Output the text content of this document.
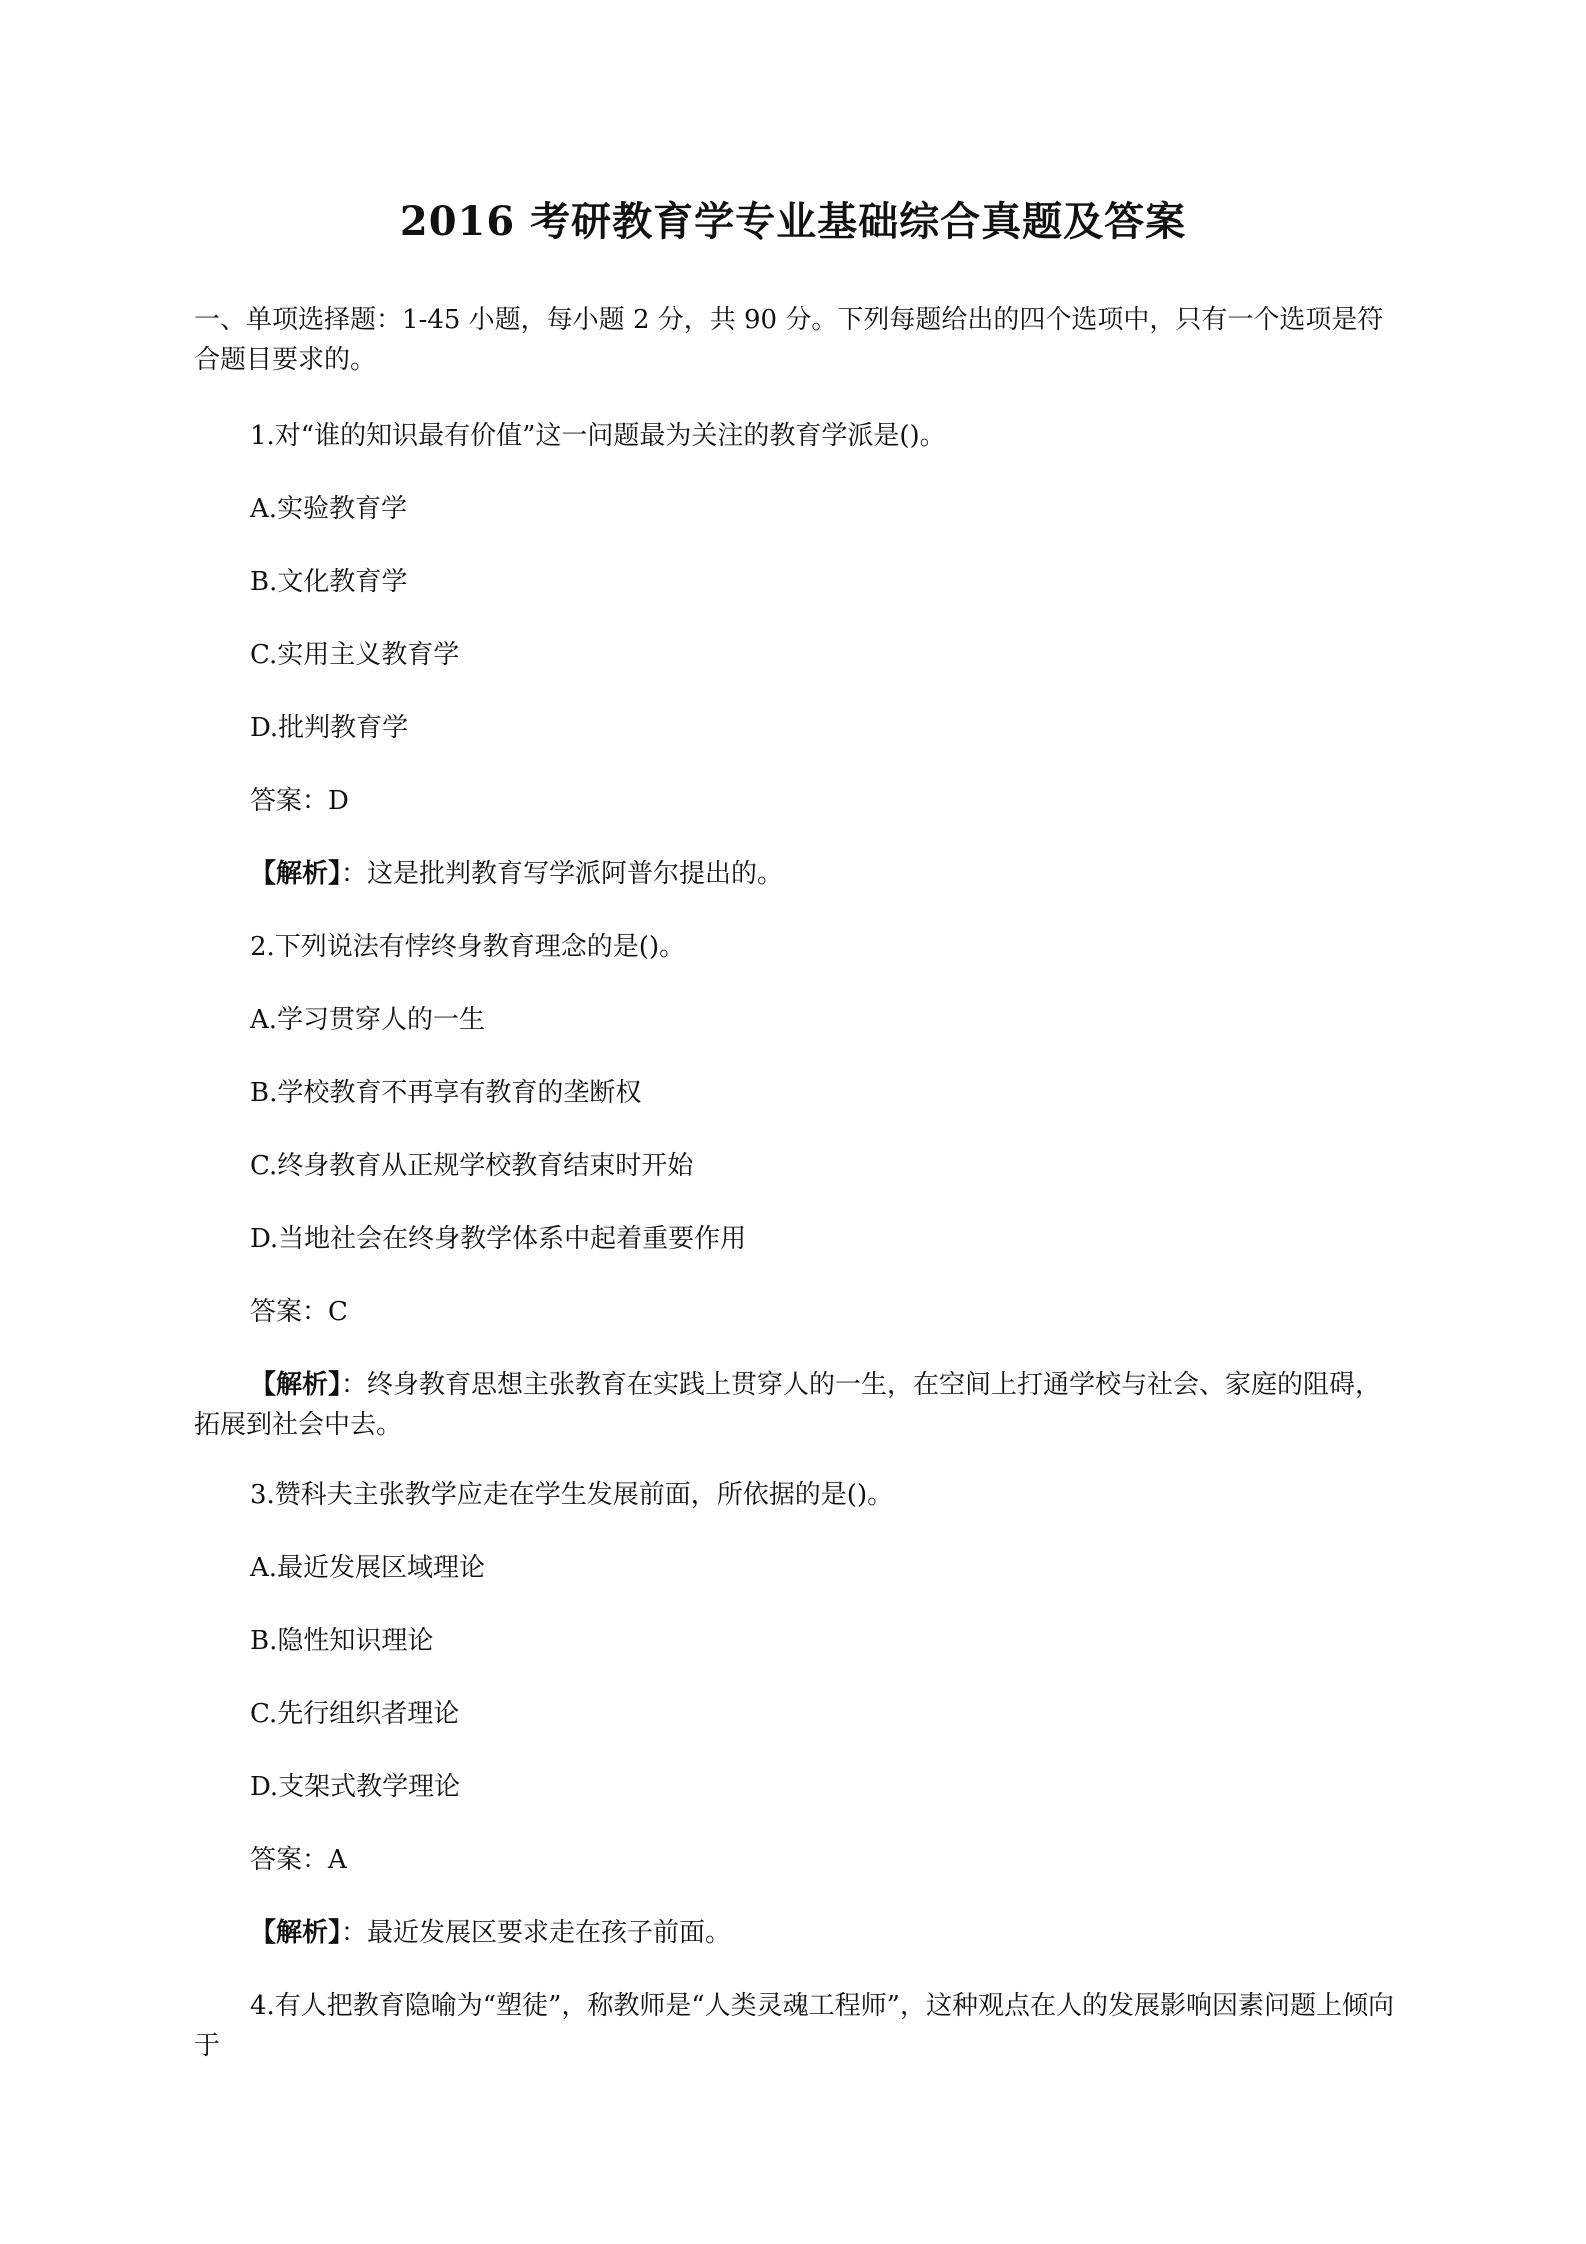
2016 考研教育学专业基础综合真题及答案
一、单项选择题：1-45 小题，每小题 2 分，共 90 分。下列每题给出的四个选项中，只有一个选项是符合题目要求的。
1.对“谁的知识最有价值”这一问题最为关注的教育学派是()。
A.实验教育学
B.文化教育学
C.实用主义教育学
D.批判教育学
答案：D
【解析】：这是批判教育写学派阿普尔提出的。
2.下列说法有悖终身教育理念的是()。
A.学习贯穿人的一生
B.学校教育不再享有教育的垄断权
C.终身教育从正规学校教育结束时开始
D.当地社会在终身教学体系中起着重要作用
答案：C
【解析】：终身教育思想主张教育在实践上贯穿人的一生，在空间上打通学校与社会、家庭的阻碍，拓展到社会中去。
3.赞科夫主张教学应走在学生发展前面，所依据的是()。
A.最近发展区域理论
B.隐性知识理论
C.先行组织者理论
D.支架式教学理论
答案：A
【解析】：最近发展区要求走在孩子前面。
4.有人把教育隐喻为“塑徒”，称教师是“人类灵魂工程师”，这种观点在人的发展影响因素问题上倾向于
